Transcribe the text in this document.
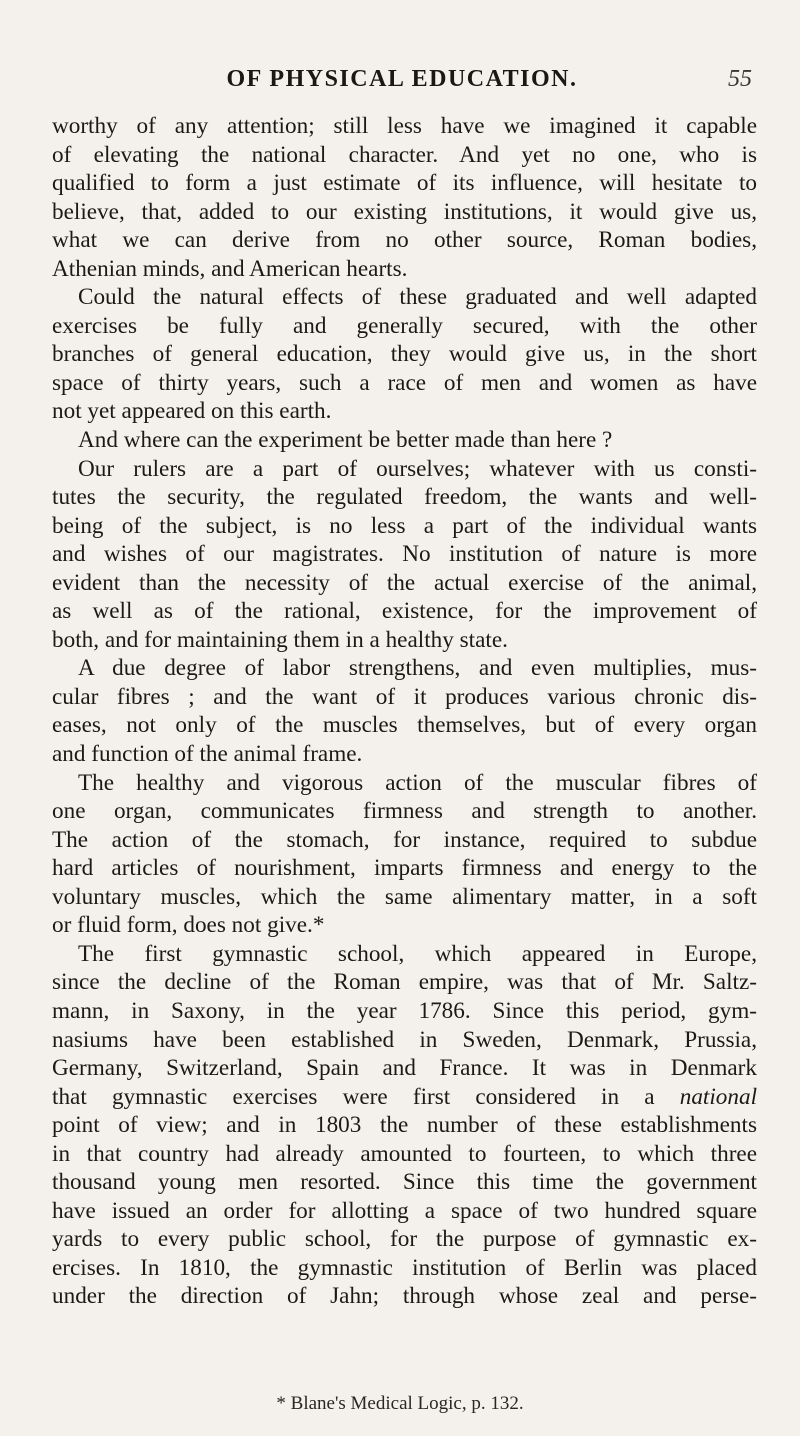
OF PHYSICAL EDUCATION.	55
worthy of any attention; still less have we imagined it capable
of elevating the national character. And yet no one, who is
qualified to form a just estimate of its influence, will hesitate to
believe, that, added to our existing institutions, it would give us,
what we can derive from no other source, Roman bodies,
Athenian minds, and American hearts.
Could the natural effects of these graduated and well adapted
exercises be fully and generally secured, with the other
branches of general education, they would give us, in the short
space of thirty years, such a race of men and women as have
not yet appeared on this earth.
And where can the experiment be better made than here ?
Our rulers are a part of ourselves; whatever with us consti-
tutes the security, the regulated freedom, the wants and well-
being of the subject, is no less a part of the individual wants
and wishes of our magistrates. No institution of nature is more
evident than the necessity of the actual exercise of the animal,
as well as of the rational, existence, for the improvement of
both, and for maintaining them in a healthy state.
A due degree of labor strengthens, and even multiplies, mus-
cular fibres ; and the want of it produces various chronic dis-
eases, not only of the muscles themselves, but of every organ
and function of the animal frame.
The healthy and vigorous action of the muscular fibres of
one organ, communicates firmness and strength to another.
The action of the stomach, for instance, required to subdue
hard articles of nourishment, imparts firmness and energy to the
voluntary muscles, which the same alimentary matter, in a soft
or fluid form, does not give.*
The first gymnastic school, which appeared in Europe,
since the decline of the Roman empire, was that of Mr. Saltz-
mann, in Saxony, in the year 1786. Since this period, gym-
nasiums have been established in Sweden, Denmark, Prussia,
Germany, Switzerland, Spain and France. It was in Denmark
that gymnastic exercises were first considered in a national
point of view; and in 1803 the number of these establishments
in that country had already amounted to fourteen, to which three
thousand young men resorted. Since this time the government
have issued an order for allotting a space of two hundred square
yards to every public school, for the purpose of gymnastic ex-
ercises. In 1810, the gymnastic institution of Berlin was placed
under the direction of Jahn; through whose zeal and perse-
* Blane's Medical Logic, p. 132.
